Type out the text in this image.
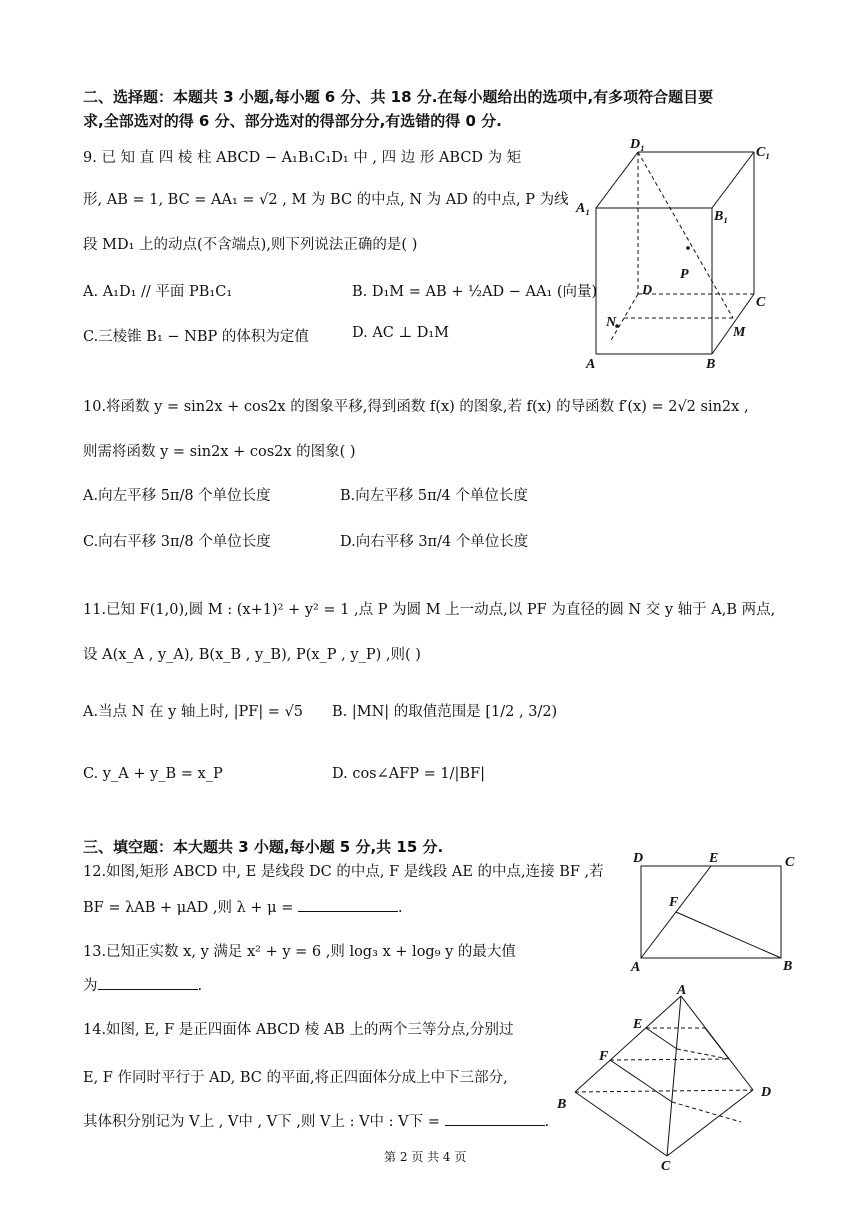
二、选择题：本题共 3 小题,每小题 6 分、共 18 分.在每小题给出的选项中,有多项符合题目要
求,全部选对的得 6 分、部分选对的得部分分,有选错的得 0 分.
9. 已 知 直 四 棱 柱 ABCD − A₁B₁C₁D₁ 中 , 四 边 形 ABCD 为 矩
形, AB = 1, BC = AA₁ = √2 , M 为 BC 的中点, N 为 AD 的中点, P 为线
段 MD₁ 上的动点(不含端点),则下列说法正确的是( )
A. A₁D₁ // 平面 PB₁C₁	B. D₁M = AB + ½AD − AA₁ (向量)
C.三棱锥 B₁ − NBP 的体积为定值	D. AC ⊥ D₁M
D₁
C₁
A₁
B₁
P
D
C
N
M
A	B
10.将函数 y = sin2x + cos2x 的图象平移,得到函数 f(x) 的图象,若 f(x) 的导函数 f′(x) = 2√2 sin2x ,
则需将函数 y = sin2x + cos2x 的图象( )
A.向左平移 5π/8 个单位长度	B.向左平移 5π/4 个单位长度
C.向右平移 3π/8 个单位长度	D.向右平移 3π/4 个单位长度
11.已知 F(1,0),圆 M : (x+1)² + y² = 1 ,点 P 为圆 M 上一动点,以 PF 为直径的圆 N 交 y 轴于 A,B 两点,
设 A(x_A , y_A), B(x_B , y_B), P(x_P , y_P) ,则( )
A.当点 N 在 y 轴上时, |PF| = √5 B. |MN| 的取值范围是 [1/2 , 3/2)
C. y_A + y_B = x_P	D. cos∠AFP = 1/|BF|
三、填空题：本大题共 3 小题,每小题 5 分,共 15 分.
12.如图,矩形 ABCD 中, E 是线段 DC 的中点, F 是线段 AE 的中点,连接 BF ,若
BF = λAB + μAD ,则 λ + μ =	.
D	E	C
F
A	B
13.已知正实数 x, y 满足 x² + y = 6 ,则 log₃ x + log₉ y 的最大值
为	.
14.如图, E, F 是正四面体 ABCD 棱 AB 上的两个三等分点,分别过
E, F 作同时平行于 AD, BC 的平面,将正四面体分成上中下三部分,
其体积分别记为 V上 , V中 , V下 ,则 V上 : V中 : V下 =	.
A
E
F
B
D
C
第 2 页 共 4 页
